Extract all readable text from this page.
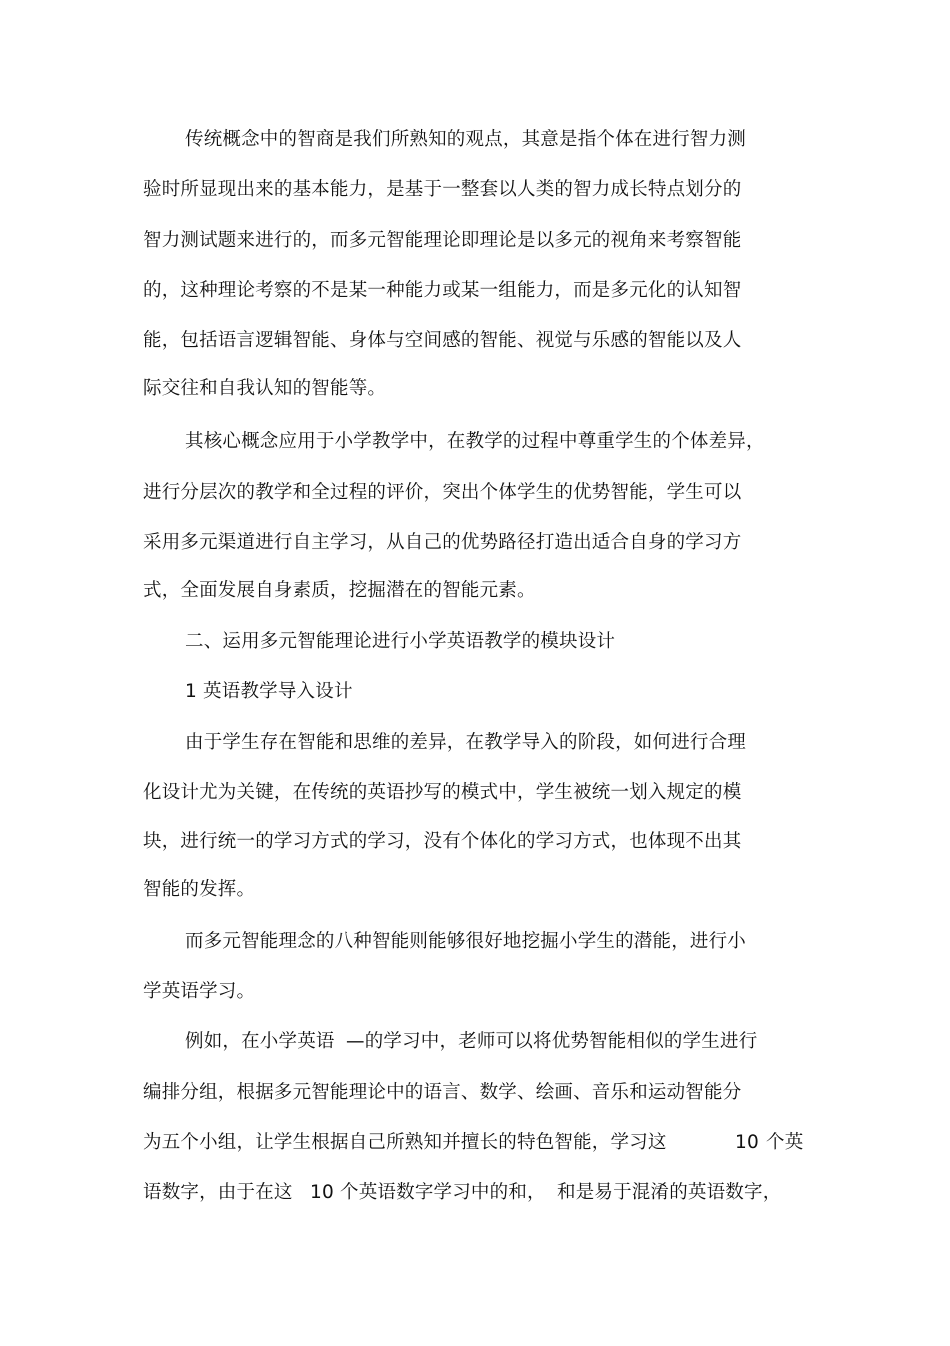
传统概念中的智商是我们所熟知的观点，其意是指个体在进行智力测
验时所显现出来的基本能力，是基于一整套以人类的智力成长特点划分的
智力测试题来进行的，而多元智能理论即理论是以多元的视角来考察智能
的，这种理论考察的不是某一种能力或某一组能力，而是多元化的认知智
能，包括语言逻辑智能、身体与空间感的智能、视觉与乐感的智能以及人
际交往和自我认知的智能等。
其核心概念应用于小学教学中，在教学的过程中尊重学生的个体差异，
进行分层次的教学和全过程的评价，突出个体学生的优势智能，学生可以
采用多元渠道进行自主学习，从自己的优势路径打造出适合自身的学习方
式，全面发展自身素质，挖掘潜在的智能元素。
二、运用多元智能理论进行小学英语教学的模块设计
1 英语教学导入设计
由于学生存在智能和思维的差异，在教学导入的阶段，如何进行合理
化设计尤为关键，在传统的英语抄写的模式中，学生被统一划入规定的模
块，进行统一的学习方式的学习，没有个体化的学习方式，也体现不出其
智能的发挥。
而多元智能理念的八种智能则能够很好地挖掘小学生的潜能，进行小
学英语学习。
例如，在小学英语 —的学习中，老师可以将优势智能相似的学生进行
编排分组，根据多元智能理论中的语言、数学、绘画、音乐和运动智能分
为五个小组，让学生根据自己所熟知并擅长的特色智能，学习这	10 个英
语数字，由于在这 10 个英语数字学习中的和， 和是易于混淆的英语数字，
